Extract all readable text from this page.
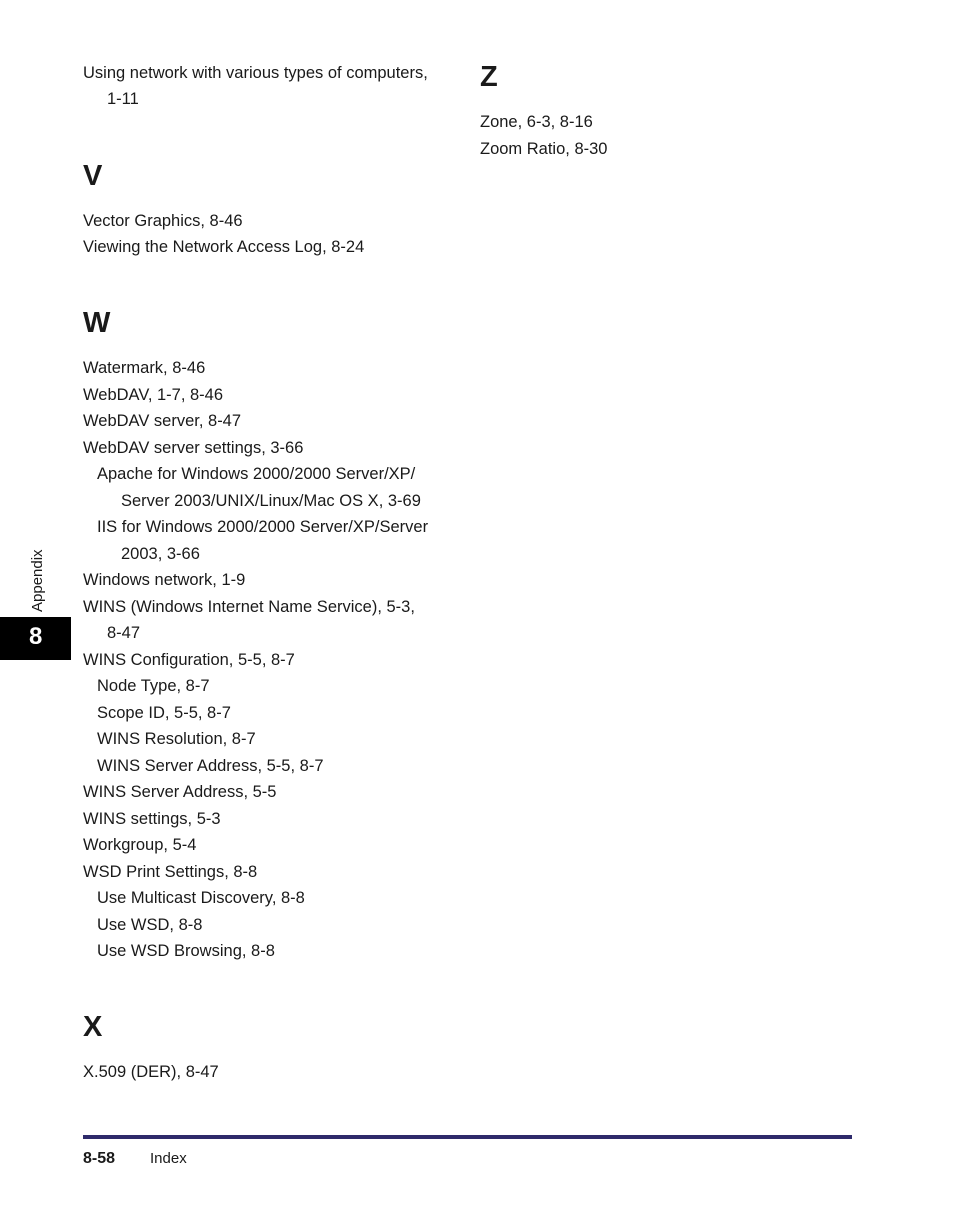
Using network with various types of computers,
1-11
V
Vector Graphics, 8-46
Viewing the Network Access Log, 8-24
W
Watermark, 8-46
WebDAV, 1-7, 8-46
WebDAV server, 8-47
WebDAV server settings, 3-66
Apache for Windows 2000/2000 Server/XP/
Server 2003/UNIX/Linux/Mac OS X, 3-69
IIS for Windows 2000/2000 Server/XP/Server
2003, 3-66
Windows network, 1-9
WINS (Windows Internet Name Service), 5-3,
8-47
WINS Configuration, 5-5, 8-7
Node Type, 8-7
Scope ID, 5-5, 8-7
WINS Resolution, 8-7
WINS Server Address, 5-5, 8-7
WINS Server Address, 5-5
WINS settings, 5-3
Workgroup, 5-4
WSD Print Settings, 8-8
Use Multicast Discovery, 8-8
Use WSD, 8-8
Use WSD Browsing, 8-8
X
X.509 (DER), 8-47
Z
Zone, 6-3, 8-16
Zoom Ratio, 8-30
Appendix
8
8-58 Index
